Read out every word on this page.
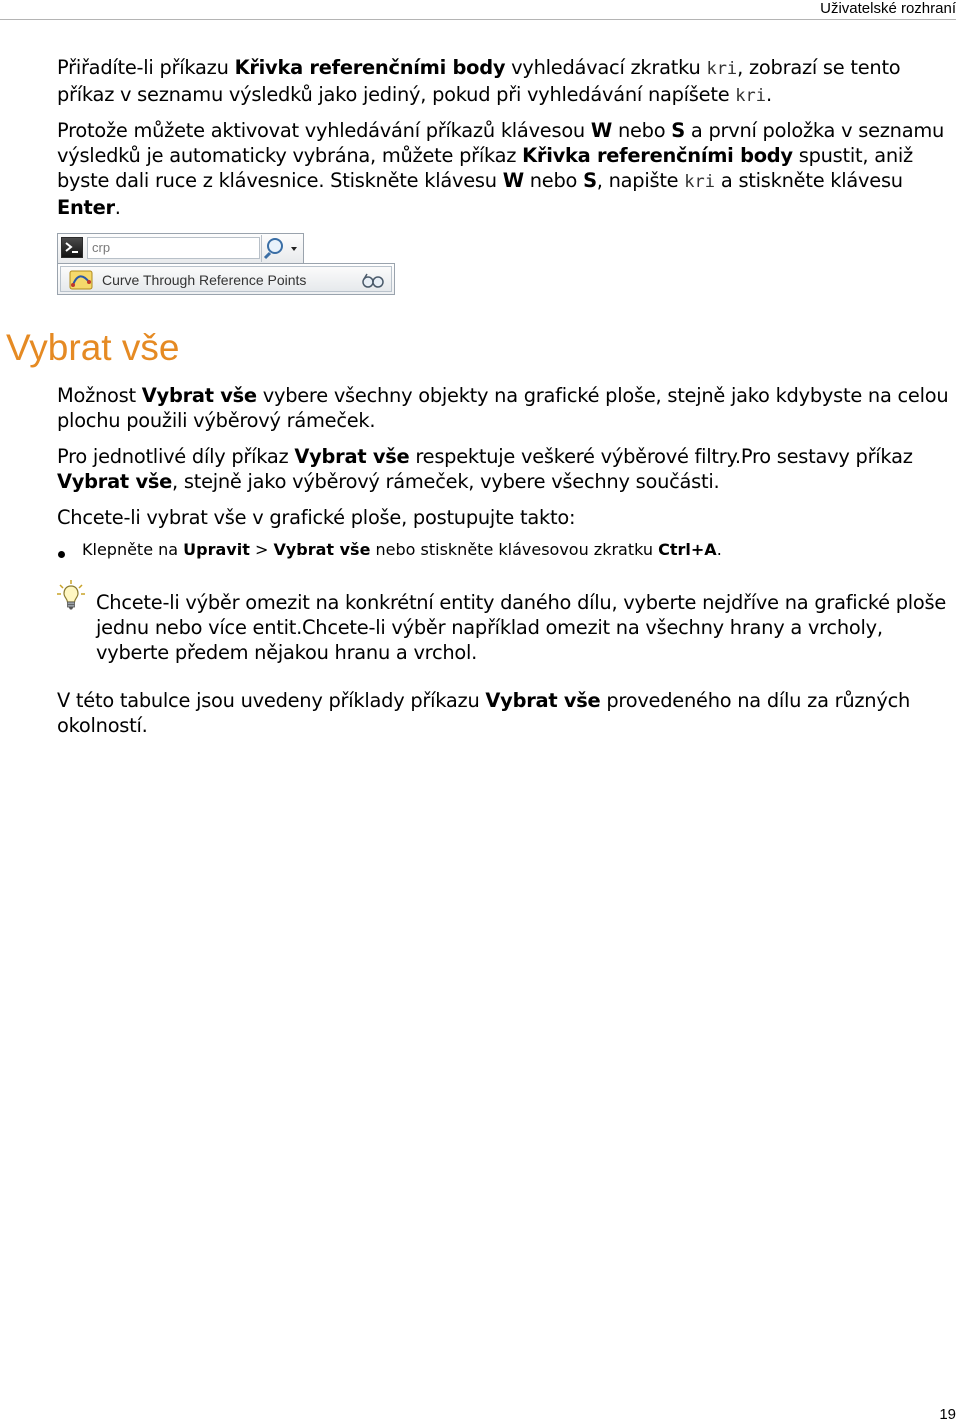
Uživatelské rozhraní

Přiřadíte-li příkazu Křivka referenčními body vyhledávací zkratku kri, zobrazí se tento příkaz v seznamu výsledků jako jediný, pokud při vyhledávání napíšete kri.

Protože můžete aktivovat vyhledávání příkazů klávesou W nebo S a první položka v seznamu výsledků je automaticky vybrána, můžete příkaz Křivka referenčními body spustit, aniž byste dali ruce z klávesnice. Stiskněte klávesu W nebo S, napište kri a stiskněte klávesu Enter.

crp
Curve Through Reference Points
Vybrat vše

Možnost Vybrat vše vybere všechny objekty na grafické ploše, stejně jako kdybyste na celou plochu použili výběrový rámeček.

Pro jednotlivé díly příkaz Vybrat vše respektuje veškeré výběrové filtry.Pro sestavy příkaz Vybrat vše, stejně jako výběrový rámeček, vybere všechny součásti.

Chcete-li vybrat vše v grafické ploše, postupujte takto:

Klepněte na Upravit > Vybrat vše nebo stiskněte klávesovou zkratku Ctrl+A.

Chcete-li výběr omezit na konkrétní entity daného dílu, vyberte nejdříve na grafické ploše jednu nebo více entit.Chcete-li výběr například omezit na všechny hrany a vrcholy, vyberte předem nějakou hranu a vrchol.

V této tabulce jsou uvedeny příklady příkazu Vybrat vše provedeného na dílu za různých okolností.

19
